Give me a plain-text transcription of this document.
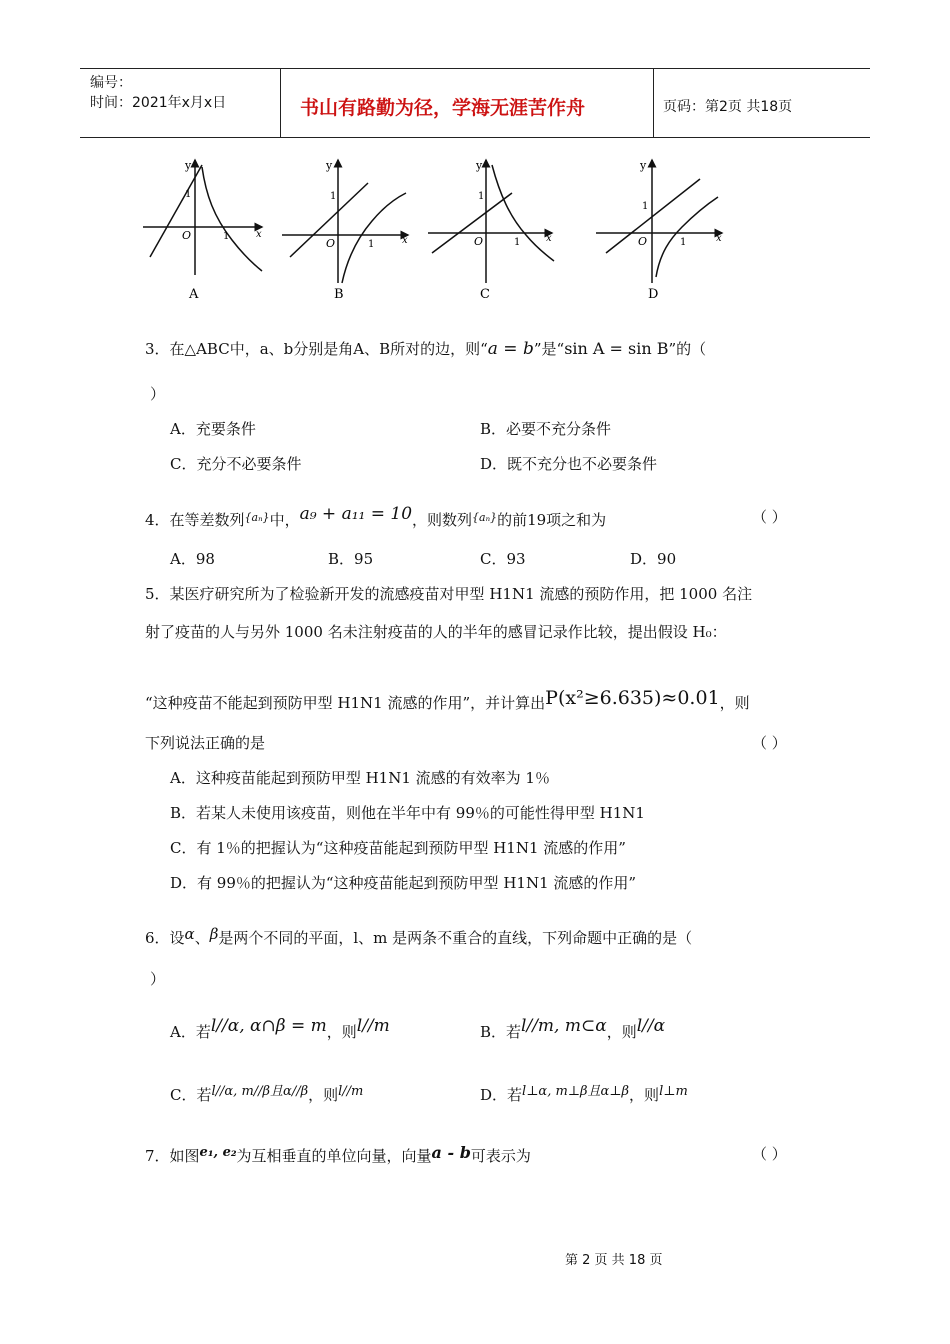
编号：
时间：2021年x月x日	书山有路勤为径，学海无涯苦作舟	页码：第2页 共18页
y
x
O
1
1
A
y
x
O
1
1
B
y
x
O
1
1
C
y
x
O
1
1
D
3．在△ABC中，a、b分别是角A、B所对的边，则“a = b”是“sin A = sin B”的（
）
A．充要条件	B．必要不充分条件
C．充分不必要条件	D．既不充分也不必要条件
4．在等差数列$^{\{a_n\}}$中，a₉ + a₁₁ = 10，则数列$^{\{a_n\}}$的前19项之和为	（ ）
A．98	B．95	C．93	D．90
5．某医疗研究所为了检验新开发的流感疫苗对甲型 H1N1 流感的预防作用，把 1000 名注
射了疫苗的人与另外 1000 名未注射疫苗的人的半年的感冒记录作比较，提出假设 H₀：
“这种疫苗不能起到预防甲型 H1N1 流感的作用”，并计算出P(x²≥6.635)≈0.01，则
下列说法正确的是	（ ）
A．这种疫苗能起到预防甲型 H1N1 流感的有效率为 1％
B．若某人未使用该疫苗，则他在半年中有 99％的可能性得甲型 H1N1
C．有 1％的把握认为“这种疫苗能起到预防甲型 H1N1 流感的作用”
D．有 99％的把握认为“这种疫苗能起到预防甲型 H1N1 流感的作用”
6．设α、β是两个不同的平面，l、m 是两条不重合的直线，下列命题中正确的是（
）
A．若l//α, α∩β = m，则l//m	B．若l//m, m⊂α，则l//α
C．若l//α, m//β且α//β，则l//m	D．若l⊥α, m⊥β且α⊥β，则l⊥m
7．如图e₁, e₂为互相垂直的单位向量，向量a - b可表示为	（ ）
第 2 页 共 18 页
